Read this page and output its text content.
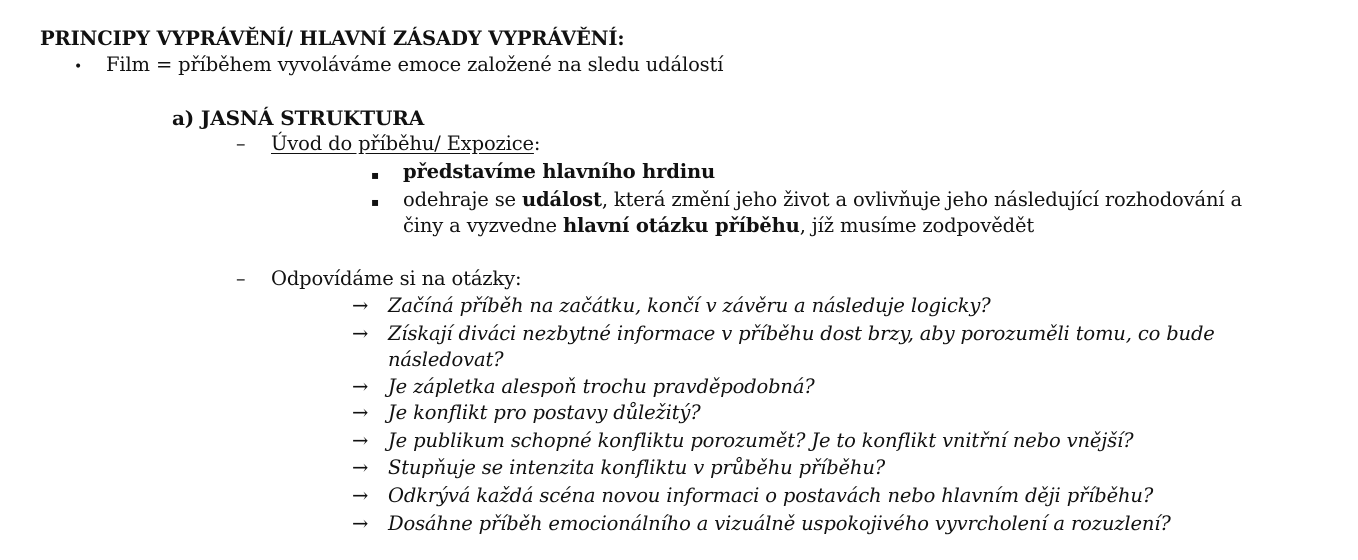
PRINCIPY VYPRÁVĚNÍ/ HLAVNÍ ZÁSADY VYPRÁVĚNÍ:
• Film = příběhem vyvoláváme emoce založené na sledu událostí
a) JASNÁ STRUKTURA
– Úvod do příběhu/ Expozice:
▪ představíme hlavního hrdinu
▪ odehraje se událost, která změní jeho život a ovlivňuje jeho následující rozhodování a
činy a vyzvedne hlavní otázku příběhu, jíž musíme zodpovědět
– Odpovídáme si na otázky:
→ Začíná příběh na začátku, končí v závěru a následuje logicky?
→ Získají diváci nezbytné informace v příběhu dost brzy, aby porozuměli tomu, co bude
následovat?
→ Je zápletka alespoň trochu pravděpodobná?
→ Je konflikt pro postavy důležitý?
→ Je publikum schopné konfliktu porozumět? Je to konflikt vnitřní nebo vnější?
→ Stupňuje se intenzita konfliktu v průběhu příběhu?
→ Odkrývá každá scéna novou informaci o postavách nebo hlavním ději příběhu?
→ Dosáhne příběh emocionálního a vizuálně uspokojivého vyvrcholení a rozuzlení?
